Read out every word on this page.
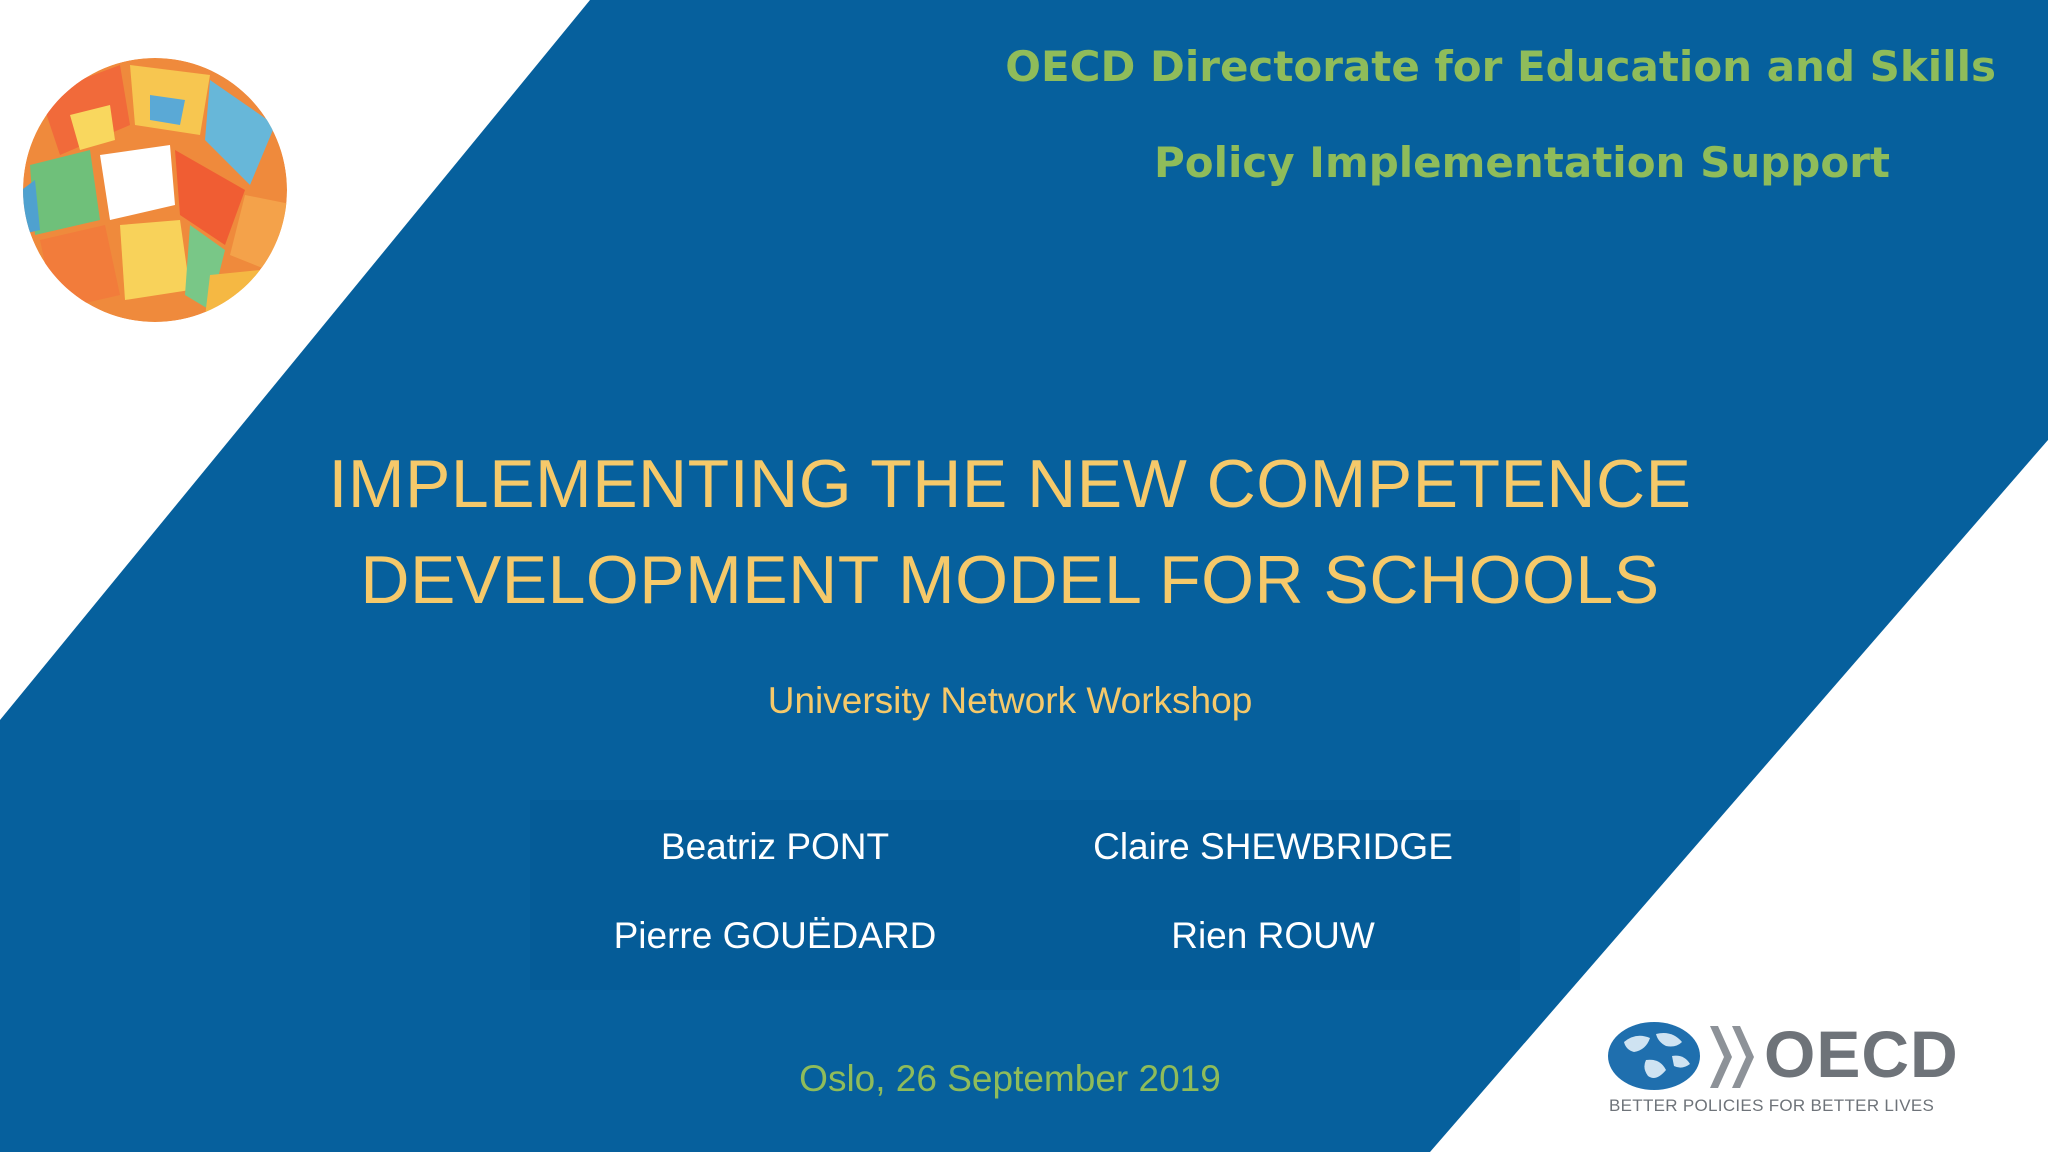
OECD Directorate for Education and Skills
Policy Implementation Support
IMPLEMENTING THE NEW COMPETENCE
DEVELOPMENT MODEL FOR SCHOOLS
University Network Workshop
Beatriz PONT	Claire SHEWBRIDGE
Pierre GOUËDARD	Rien ROUW
Oslo, 26 September 2019	OECD
BETTER POLICIES FOR BETTER LIVES
